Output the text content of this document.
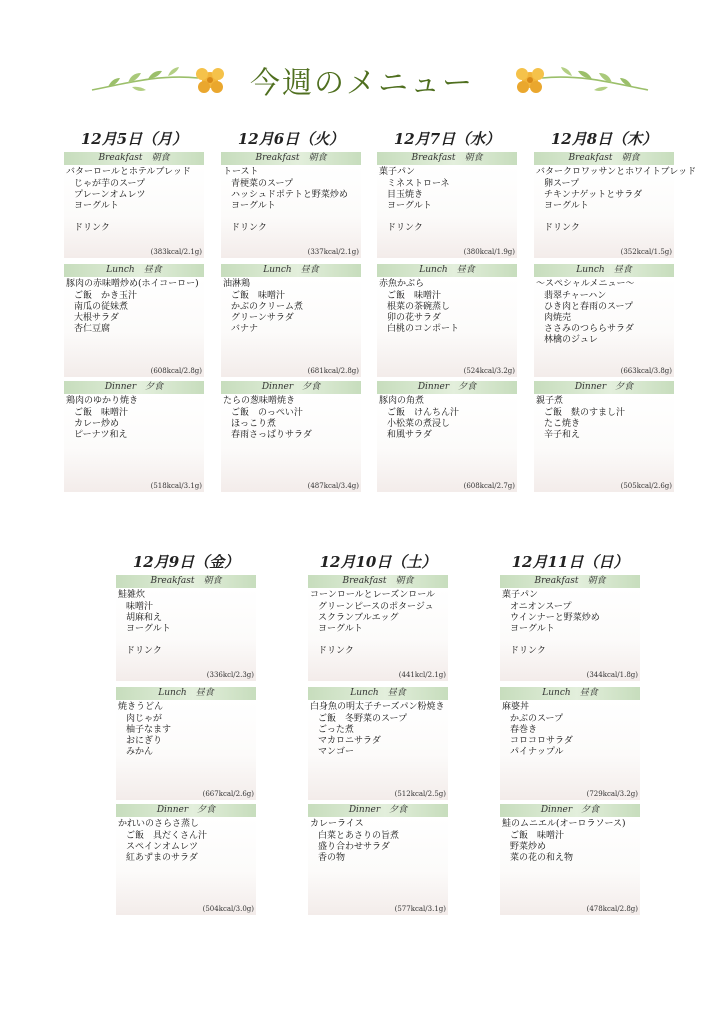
今週のメニュー
12月5日（月）
Breakfast　朝食
バターロールとホテルブレッド
じゃが芋のスープ
プレーンオムレツ
ヨーグルト
ドリンク
(383kcal/2.1g)
Lunch　昼食
豚肉の赤味噌炒め(ホイコーロー)
ご飯　かき玉汁
南瓜の従妹煮
大根サラダ
杏仁豆腐
(608kcal/2.8g)
Dinner　夕食
鶏肉のゆかり焼き
ご飯　味噌汁
カレー炒め
ピーナツ和え
(518kcal/3.1g)
12月6日（火）
Breakfast　朝食
トースト
青梗菜のスープ
ハッシュドポテトと野菜炒め
ヨーグルト
ドリンク
(337kcal/2.1g)
Lunch　昼食
油淋鶏
ご飯　味噌汁
かぶのクリーム煮
グリーンサラダ
バナナ
(681kcal/2.8g)
Dinner　夕食
たらの葱味噌焼き
ご飯　のっぺい汁
ほっこり煮
春雨さっぱりサラダ
(487kcal/3.4g)
12月7日（水）
Breakfast　朝食
菓子パン
ミネストローネ
目玉焼き
ヨーグルト
ドリンク
(380kcal/1.9g)
Lunch　昼食
赤魚かぶら
ご飯　味噌汁
根菜の茶碗蒸し
卯の花サラダ
白桃のコンポート
(524kcal/3.2g)
Dinner　夕食
豚肉の角煮
ご飯　けんちん汁
小松菜の煮浸し
和風サラダ
(608kcal/2.7g)
12月8日（木）
Breakfast　朝食
バタークロワッサンとホワイトブレッド
卵スープ
チキンナゲットとサラダ
ヨーグルト
ドリンク
(352kcal/1.5g)
Lunch　昼食
～スペシャルメニュー～
翡翠チャーハン
ひき肉と春雨のスープ
肉焼売
ささみのつららサラダ
林檎のジュレ
(663kcal/3.8g)
Dinner　夕食
親子煮
ご飯　麩のすまし汁
たこ焼き
辛子和え
(505kcal/2.6g)
12月9日（金）
Breakfast　朝食
鮭雑炊
味噌汁
胡麻和え
ヨーグルト
ドリンク
(336kcl/2.3g)
Lunch　昼食
焼きうどん
肉じゃが
柚子なます
おにぎり
みかん
(667kcal/2.6g)
Dinner　夕食
かれいのさらさ蒸し
ご飯　具だくさん汁
スペインオムレツ
紅あずまのサラダ
(504kcal/3.0g)
12月10日（土）
Breakfast　朝食
コーンロールとレーズンロール
グリーンピースのポタージュ
スクランブルエッグ
ヨーグルト
ドリンク
(441kcl/2.1g)
Lunch　昼食
白身魚の明太子チーズパン粉焼き
ご飯　冬野菜のスープ
ごった煮
マカロニサラダ
マンゴー
(512kcal/2.5g)
Dinner　夕食
カレーライス
白菜とあさりの旨煮
盛り合わせサラダ
香の物
(577kcal/3.1g)
12月11日（日）
Breakfast　朝食
菓子パン
オニオンスープ
ウインナーと野菜炒め
ヨーグルト
ドリンク
(344kcal/1.8g)
Lunch　昼食
麻婆丼
かぶのスープ
春巻き
コロコロサラダ
パイナップル
(729kcal/3.2g)
Dinner　夕食
鮭のムニエル(オーロラソース)
ご飯　味噌汁
野菜炒め
菜の花の和え物
(478kcal/2.8g)
